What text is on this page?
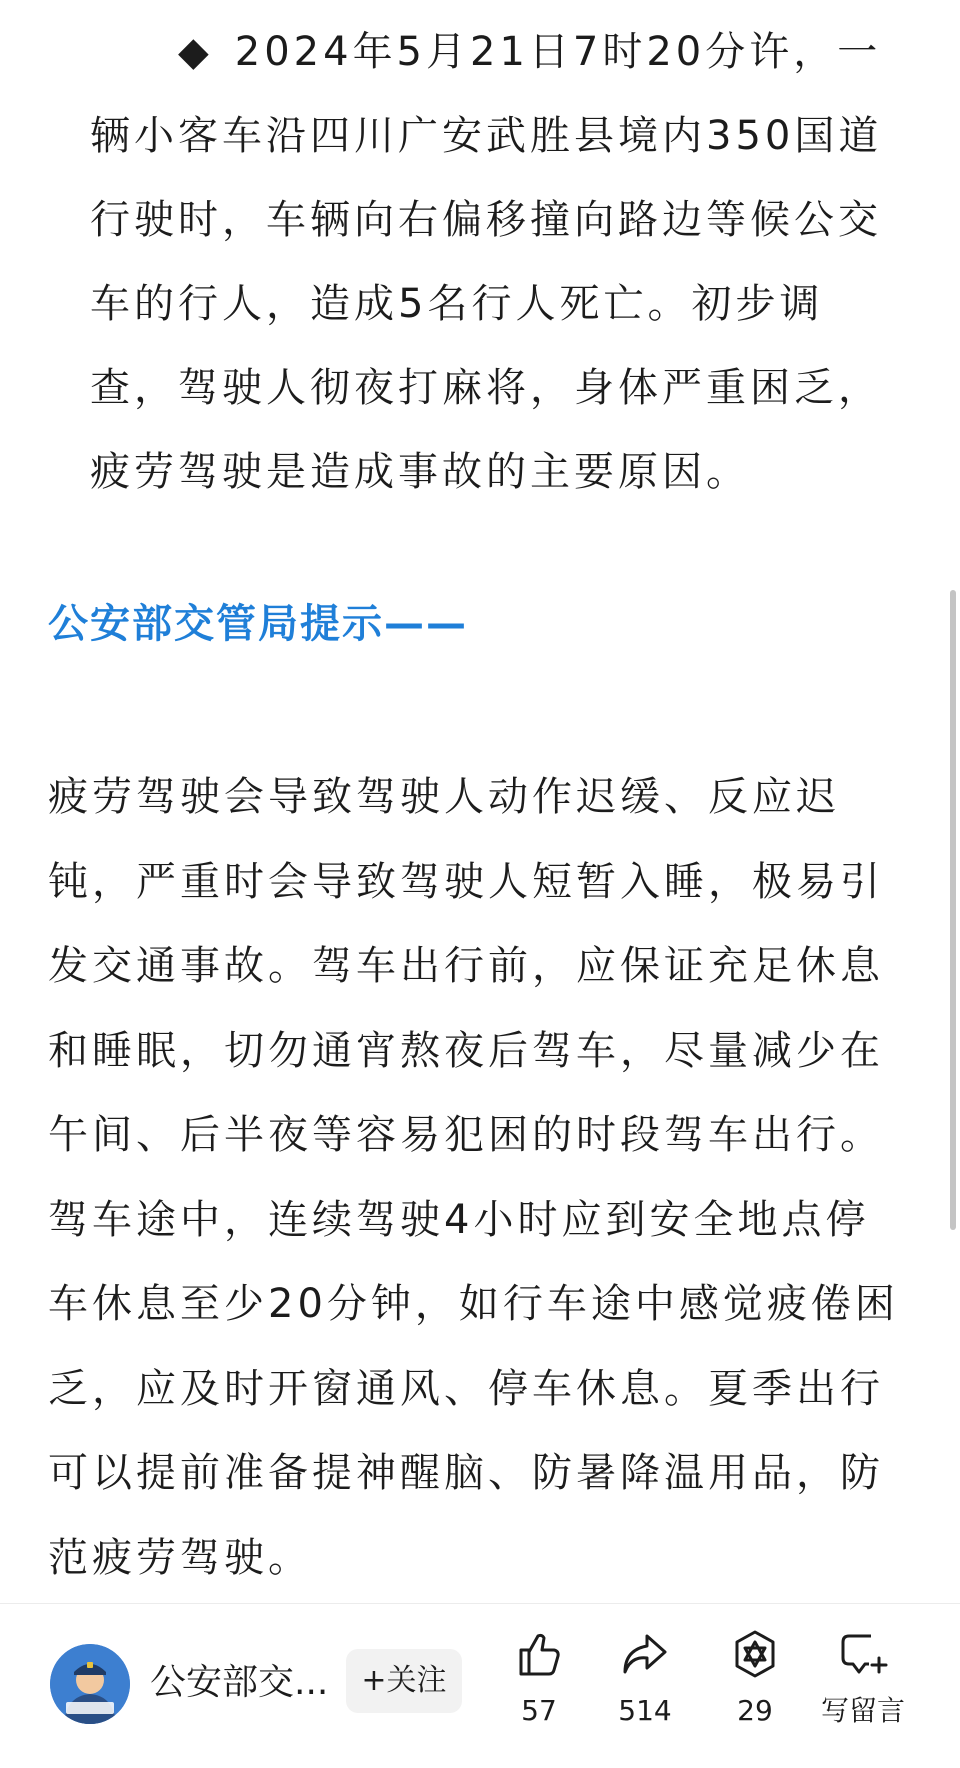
◆ 2024年5月21日7时20分许，一辆小客车沿四川广安武胜县境内350国道行驶时，车辆向右偏移撞向路边等候公交车的行人，造成5名行人死亡。初步调查，驾驶人彻夜打麻将，身体严重困乏，疲劳驾驶是造成事故的主要原因。
公安部交管局提示——
疲劳驾驶会导致驾驶人动作迟缓、反应迟钝，严重时会导致驾驶人短暂入睡，极易引发交通事故。驾车出行前，应保证充足休息和睡眠，切勿通宵熬夜后驾车，尽量减少在午间、后半夜等容易犯困的时段驾车出行。驾车途中，连续驾驶4小时应到安全地点停车休息至少20分钟，如行车途中感觉疲倦困乏，应及时开窗通风、停车休息。夏季出行可以提前准备提神醒脑、防暑降温用品，防范疲劳驾驶。
公安部交...	+关注
57	514	29	写留言
